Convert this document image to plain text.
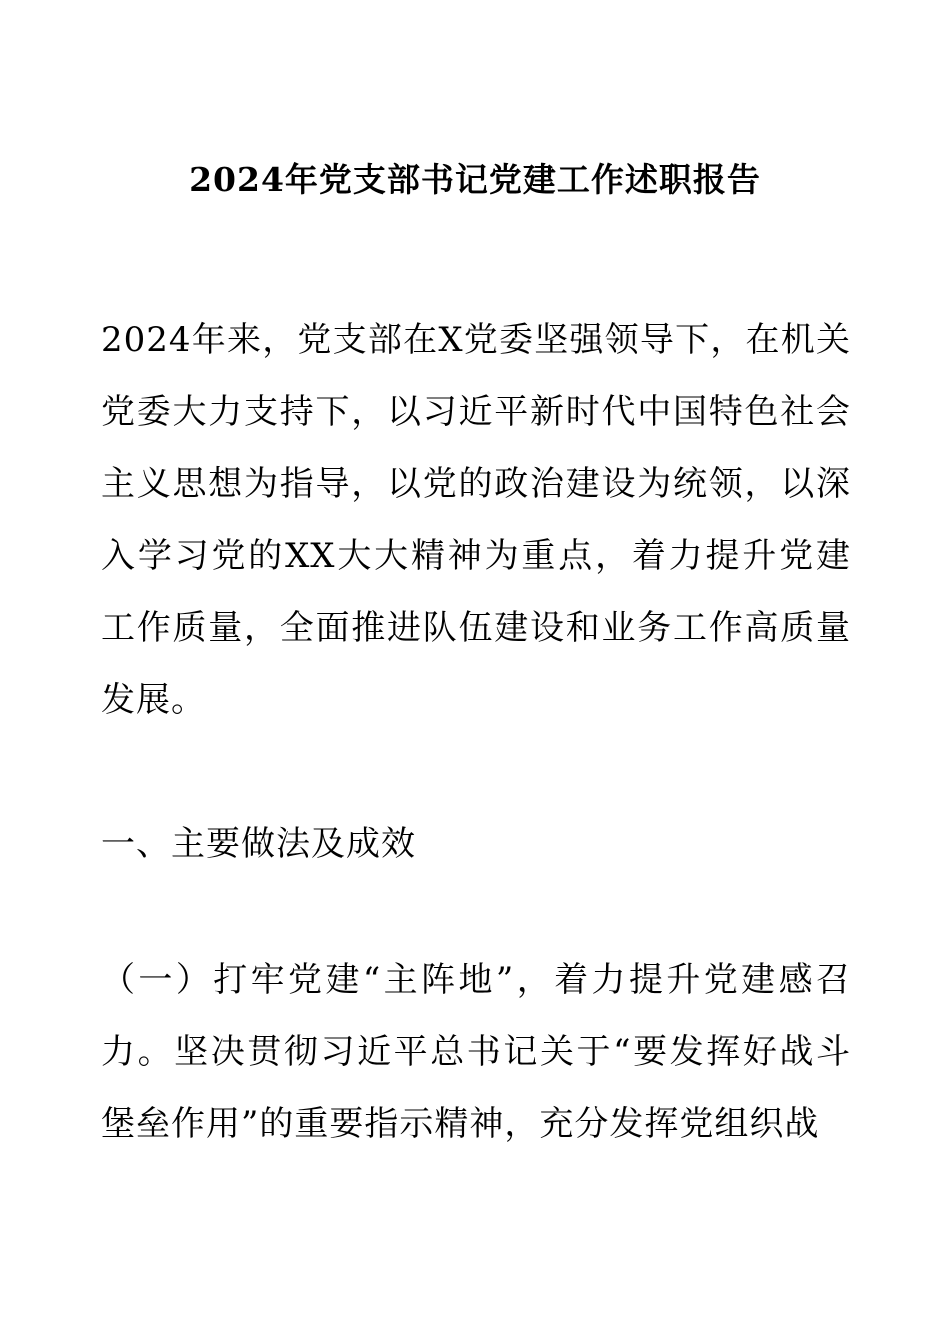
2024年党支部书记党建工作述职报告

2024年来，党支部在X党委坚强领导下，在机关党委大力支持下，以习近平新时代中国特色社会主义思想为指导，以党的政治建设为统领，以深入学习党的XX大大精神为重点，着力提升党建工作质量，全面推进队伍建设和业务工作高质量发展。

一、主要做法及成效

（一）打牢党建“主阵地”，着力提升党建感召力。坚决贯彻习近平总书记关于“要发挥好战斗堡垒作用”的重要指示精神，充分发挥党组织战
